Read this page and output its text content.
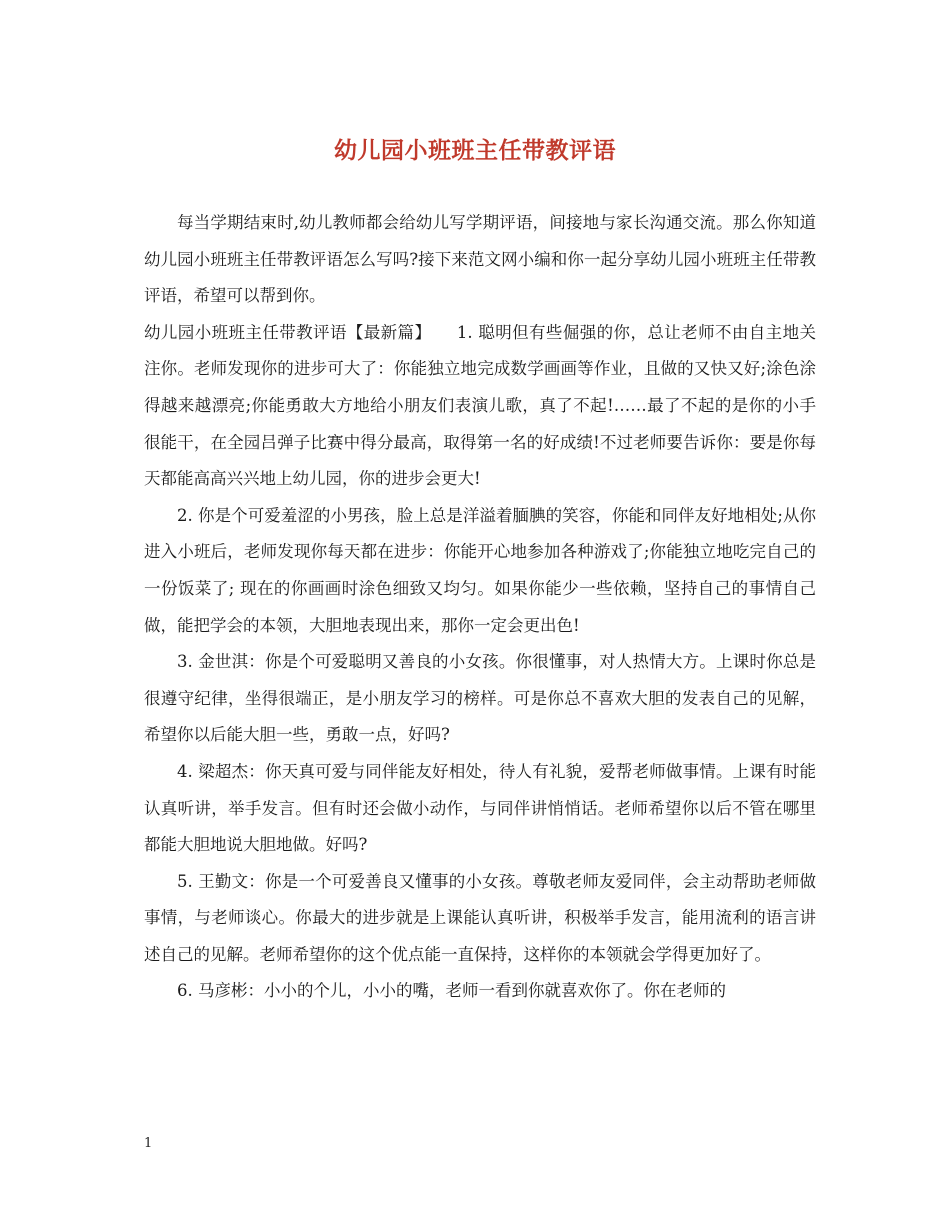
幼儿园小班班主任带教评语

每当学期结束时,幼儿教师都会给幼儿写学期评语，间接地与家长沟通交流。那么你知道幼儿园小班班主任带教评语怎么写吗?接下来范文网小编和你一起分享幼儿园小班班主任带教评语，希望可以帮到你。

幼儿园小班班主任带教评语【最新篇】　　1. 聪明但有些倔强的你，总让老师不由自主地关注你。老师发现你的进步可大了：你能独立地完成数学画画等作业，且做的又快又好;涂色涂得越来越漂亮;你能勇敢大方地给小朋友们表演儿歌，真了不起!……最了不起的是你的小手很能干，在全园吕弹子比赛中得分最高，取得第一名的好成绩!不过老师要告诉你：要是你每天都能高高兴兴地上幼儿园，你的进步会更大!

2. 你是个可爱羞涩的小男孩，脸上总是洋溢着腼腆的笑容，你能和同伴友好地相处;从你进入小班后，老师发现你每天都在进步：你能开心地参加各种游戏了;你能独立地吃完自己的一份饭菜了; 现在的你画画时涂色细致又均匀。如果你能少一些依赖，坚持自己的事情自己做，能把学会的本领，大胆地表现出来，那你一定会更出色!

3. 金世淇：你是个可爱聪明又善良的小女孩。你很懂事，对人热情大方。上课时你总是很遵守纪律，坐得很端正，是小朋友学习的榜样。可是你总不喜欢大胆的发表自己的见解，希望你以后能大胆一些，勇敢一点，好吗?

4. 梁超杰：你天真可爱与同伴能友好相处，待人有礼貌，爱帮老师做事情。上课有时能认真听讲，举手发言。但有时还会做小动作，与同伴讲悄悄话。老师希望你以后不管在哪里都能大胆地说大胆地做。好吗?

5. 王勤文：你是一个可爱善良又懂事的小女孩。尊敬老师友爱同伴，会主动帮助老师做事情，与老师谈心。你最大的进步就是上课能认真听讲，积极举手发言，能用流利的语言讲述自己的见解。老师希望你的这个优点能一直保持，这样你的本领就会学得更加好了。

6. 马彦彬：小小的个儿，小小的嘴，老师一看到你就喜欢你了。你在老师的

1
